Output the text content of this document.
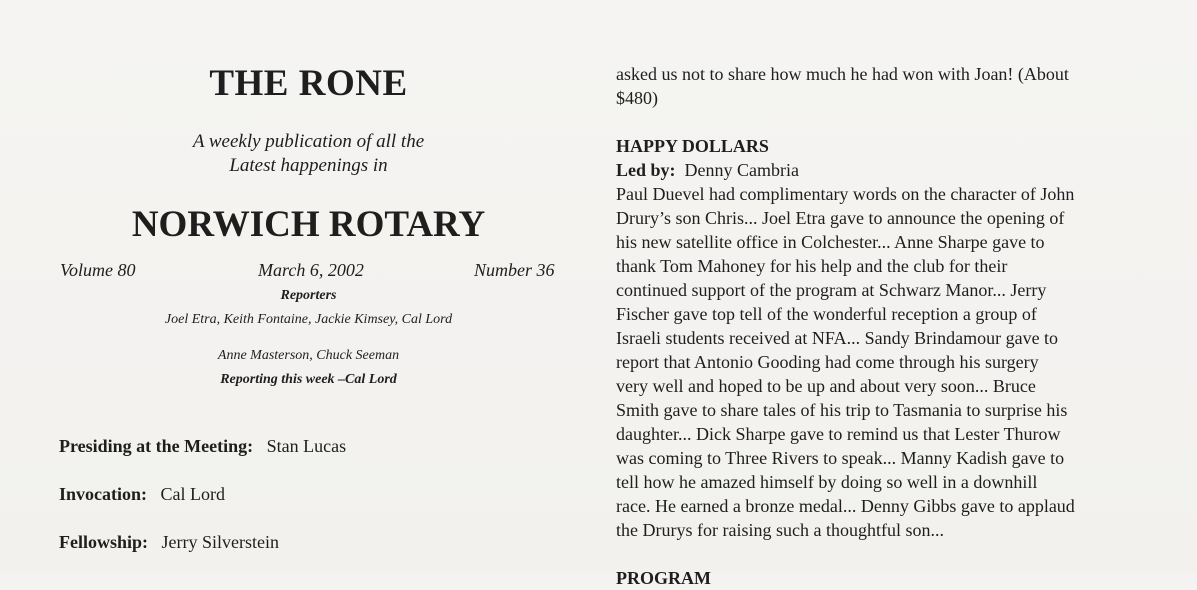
THE RONE
A weekly publication of all the
Latest happenings in
NORWICH ROTARY
Volume 80	March 6, 2002	Number 36
Reporters
Joel Etra, Keith Fontaine, Jackie Kimsey, Cal Lord
Anne Masterson, Chuck Seeman
Reporting this week –Cal Lord
Presiding at the Meeting: Stan Lucas
Invocation: Cal Lord
Fellowship: Jerry Silverstein

asked us not to share how much he had won with Joan! (About
$480)

HAPPY DOLLARS

Led by: Denny Cambria

Paul Duevel had complimentary words on the character of John
Drury’s son Chris... Joel Etra gave to announce the opening of
his new satellite office in Colchester... Anne Sharpe gave to
thank Tom Mahoney for his help and the club for their
continued support of the program at Schwarz Manor... Jerry
Fischer gave top tell of the wonderful reception a group of
Israeli students received at NFA... Sandy Brindamour gave to
report that Antonio Gooding had come through his surgery
very well and hoped to be up and about very soon... Bruce
Smith gave to share tales of his trip to Tasmania to surprise his
daughter... Dick Sharpe gave to remind us that Lester Thurow
was coming to Three Rivers to speak... Manny Kadish gave to
tell how he amazed himself by doing so well in a downhill
race. He earned a bronze medal... Denny Gibbs gave to applaud
the Drurys for raising such a thoughtful son...

PROGRAM
